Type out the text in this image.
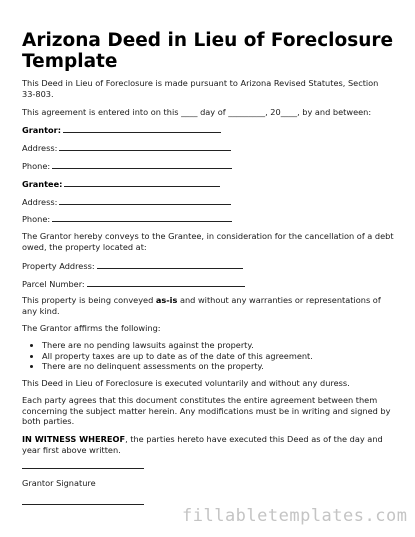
Arizona Deed in Lieu of Foreclosure Template
This Deed in Lieu of Foreclosure is made pursuant to Arizona Revised Statutes, Section 33-803.
This agreement is entered into on this ____ day of _________, 20____, by and between:
Grantor:
Address:
Phone:
Grantee:
Address:
Phone:
The Grantor hereby conveys to the Grantee, in consideration for the cancellation of a debt owed, the property located at:
Property Address:
Parcel Number:
This property is being conveyed as-is and without any warranties or representations of any kind.
The Grantor affirms the following:
• There are no pending lawsuits against the property.
• All property taxes are up to date as of the date of this agreement.
• There are no delinquent assessments on the property.
This Deed in Lieu of Foreclosure is executed voluntarily and without any duress.
Each party agrees that this document constitutes the entire agreement between them concerning the subject matter herein. Any modifications must be in writing and signed by both parties.
IN WITNESS WHEREOF, the parties hereto have executed this Deed as of the day and year first above written.
Grantor Signature
fillabletemplates.com
